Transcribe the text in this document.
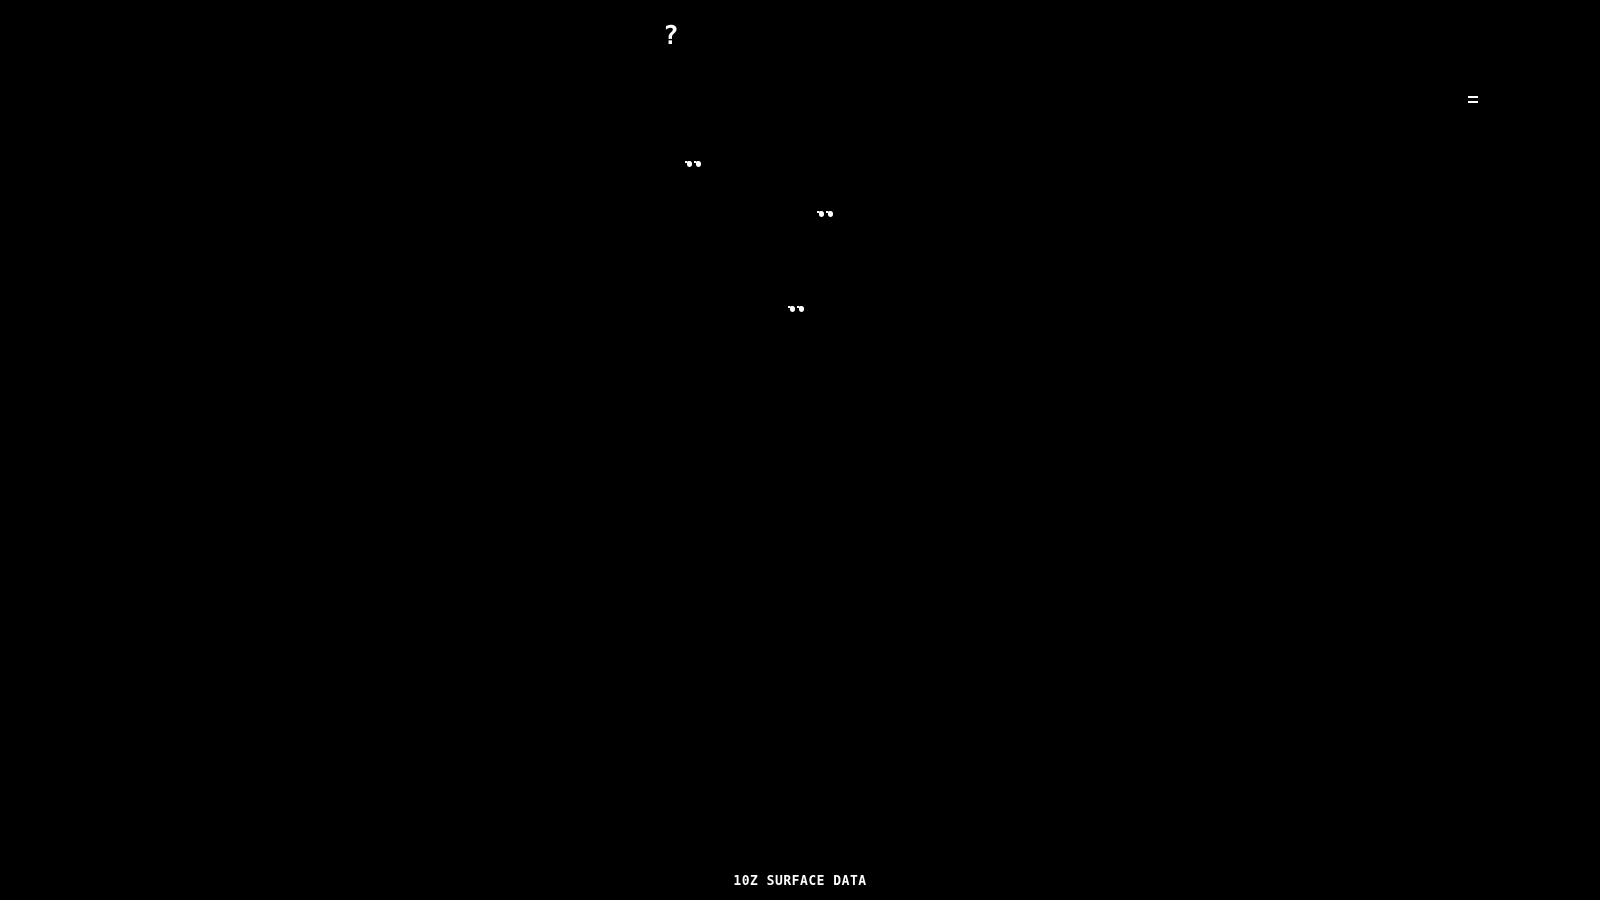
?
10Z SURFACE DATA
